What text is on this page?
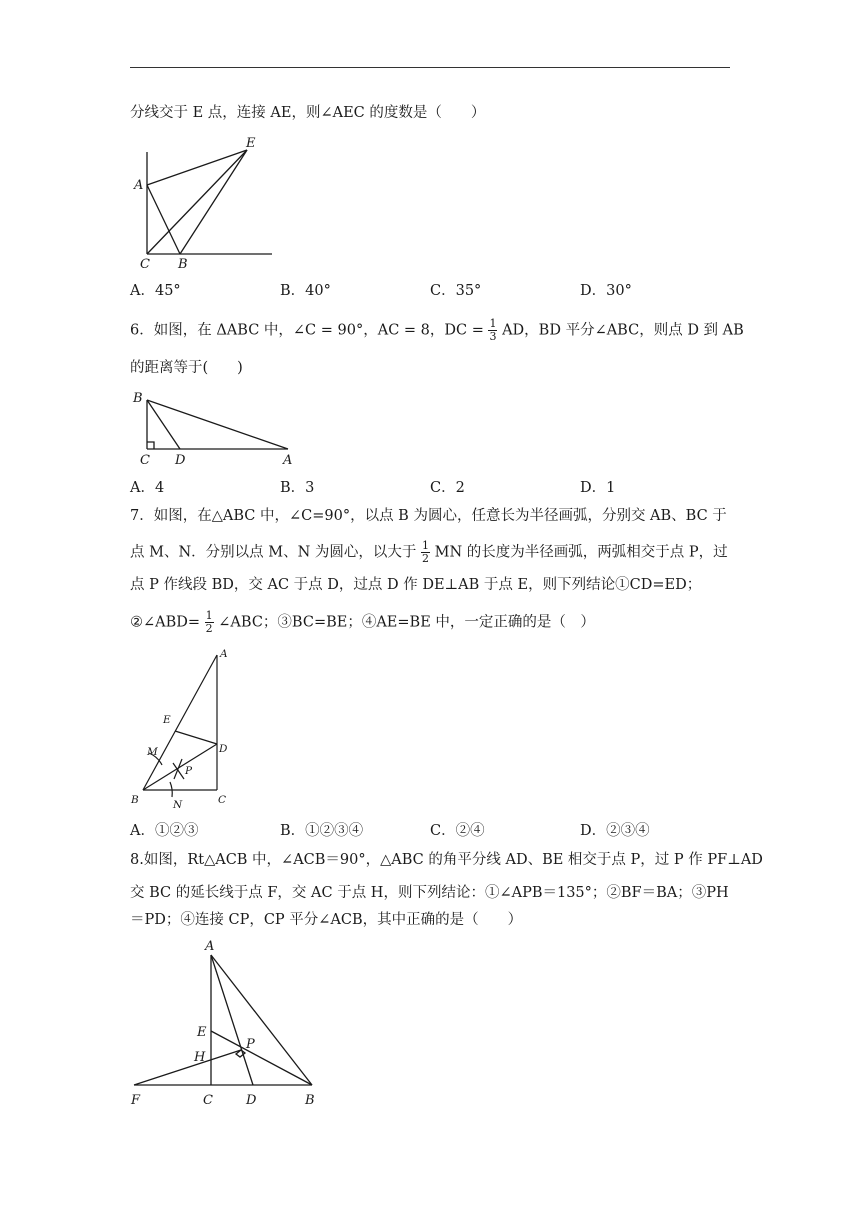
分线交于 E 点，连接 AE，则∠AEC 的度数是（　　）
E
A
C B
A．45°	B．40°	C．35°	D．30°
6．如图，在 ΔABC 中，∠C = 90°，AC = 8，DC = $\frac{1}{3}$ AD，BD 平分∠ABC，则点 D 到 AB
的距离等于(　　)
B
C D	A
A．4	B．3	C．2	D．1
7．如图，在△ABC 中，∠C=90°，以点 B 为圆心，任意长为半径画弧，分别交 AB、BC 于
点 M、N．分别以点 M、N 为圆心，以大于 $\frac{1}{2}$ MN 的长度为半径画弧，两弧相交于点 P，过
点 P 作线段 BD，交 AC 于点 D，过点 D 作 DE⊥AB 于点 E，则下列结论①CD=ED；
②∠ABD= $\frac{1}{2}$ ∠ABC；③BC=BE；④AE=BE 中，一定正确的是（　）
A
E
D
M
P
B	N	C
A．①②③	B．①②③④	C．②④	D．②③④
8.如图，Rt△ACB 中，∠ACB＝90°，△ABC 的角平分线 AD、BE 相交于点 P，过 P 作 PF⊥AD
交 BC 的延长线于点 F，交 AC 于点 H，则下列结论：①∠APB＝135°；②BF＝BA；③PH
＝PD；④连接 CP，CP 平分∠ACB，其中正确的是（　　）
A
E
H
P
F	C	D	B
